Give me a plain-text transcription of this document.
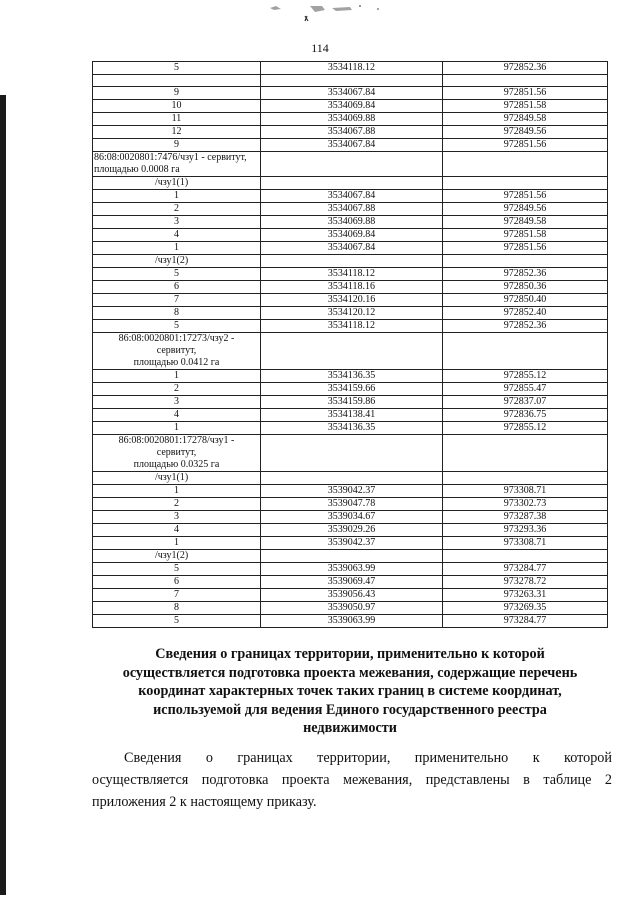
114
5	3534118.12	972852.36

9	3534067.84	972851.56
10	3534069.84	972851.58
11	3534069.88	972849.58
12	3534067.88	972849.56
9	3534067.84	972851.56

86:08:0020801:7476/чзу1 - сервитут,
площадью 0.0008 га		

/чзу1(1)		
1	3534067.84	972851.56
2	3534067.88	972849.56
3	3534069.88	972849.58
4	3534069.84	972851.58
1	3534067.84	972851.56
/чзу1(2)		
5	3534118.12	972852.36
6	3534118.16	972850.36
7	3534120.16	972850.40
8	3534120.12	972852.40
5	3534118.12	972852.36

86:08:0020801:17273/чзу2 -
сервитут,
площадью 0.0412 га		

1	3534136.35	972855.12
2	3534159.66	972855.47
3	3534159.86	972837.07
4	3534138.41	972836.75
1	3534136.35	972855.12

86:08:0020801:17278/чзу1 -
сервитут,
площадью 0.0325 га		

/чзу1(1)		
1	3539042.37	973308.71
2	3539047.78	973302.73
3	3539034.67	973287.38
4	3539029.26	973293.36
1	3539042.37	973308.71
/чзу1(2)		
5	3539063.99	973284.77
6	3539069.47	973278.72
7	3539056.43	973263.31
8	3539050.97	973269.35
5	3539063.99	973284.77
Сведения о границах территории, применительно к которой
осуществляется подготовка проекта межевания, содержащие перечень
координат характерных точек таких границ в системе координат,
используемой для ведения Единого государственного реестра
недвижимости
Сведения о границах территории, применительно к которой
осуществляется подготовка проекта межевания, представлены в таблице 2
приложения 2 к настоящему приказу.
